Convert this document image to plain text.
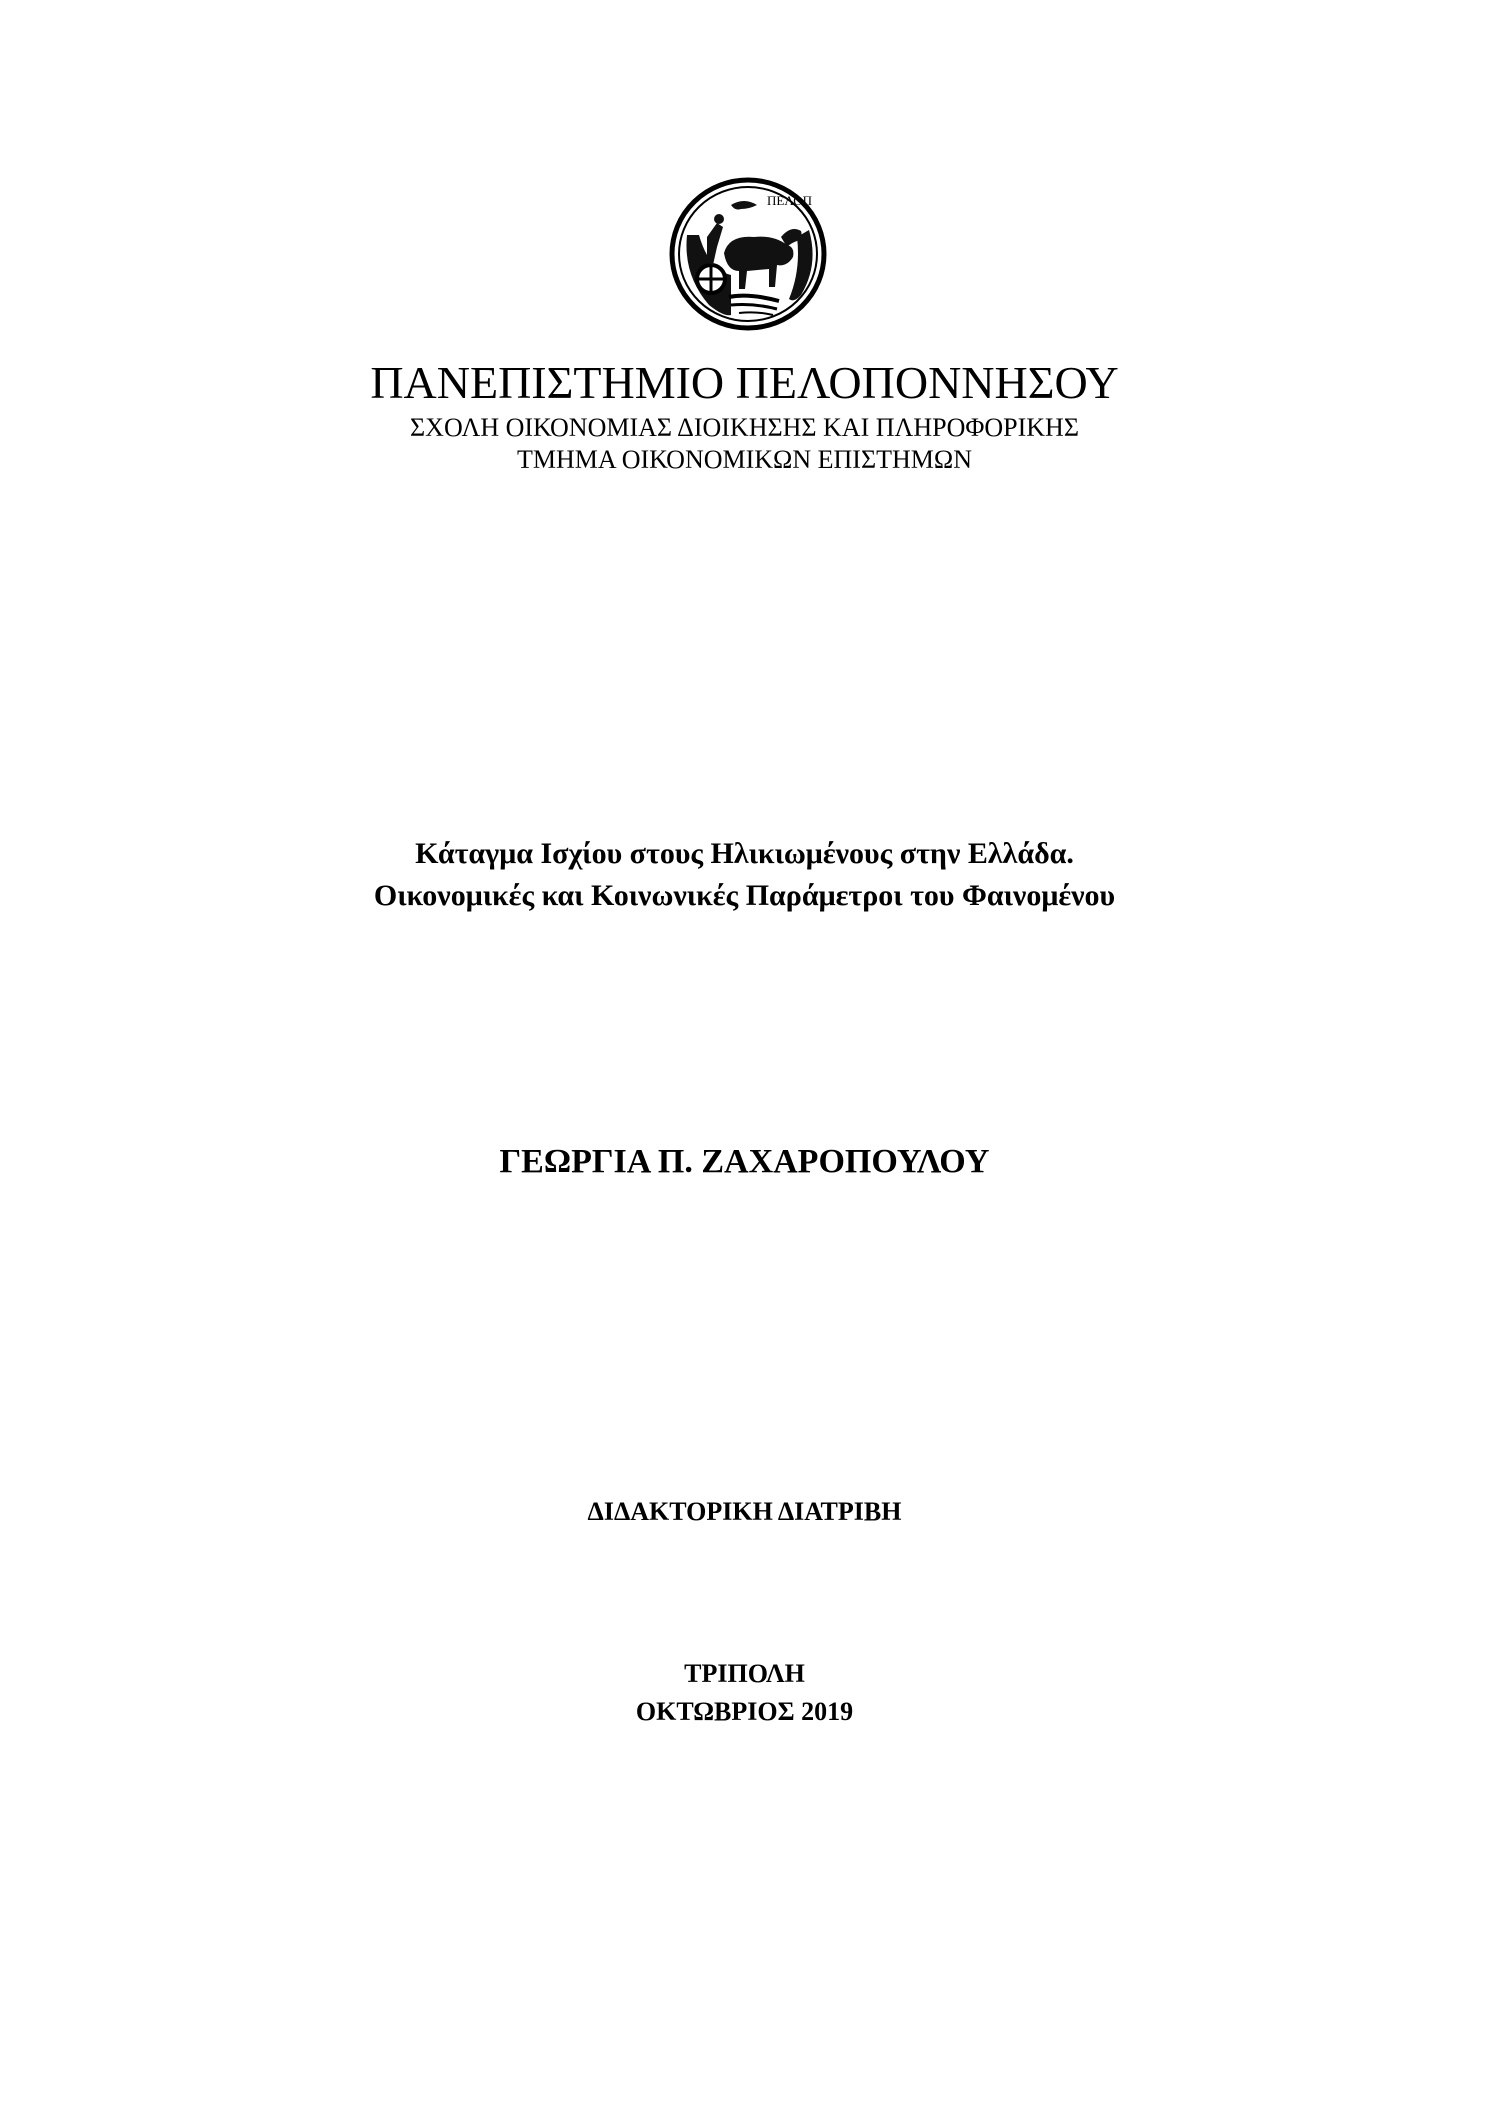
ΠΕΛΟΠ
ΠΑΝΕΠΙΣΤΗΜΙΟ ΠΕΛΟΠΟΝΝΗΣΟΥ
ΣΧΟΛΗ ΟΙΚΟΝΟΜΙΑΣ ΔΙΟΙΚΗΣΗΣ ΚΑΙ ΠΛΗΡΟΦΟΡΙΚΗΣ
ΤΜΗΜΑ ΟΙΚΟΝΟΜΙΚΩΝ ΕΠΙΣΤΗΜΩΝ
Κάταγμα Ισχίου στους Ηλικιωμένους στην Ελλάδα.
Οικονομικές και Κοινωνικές Παράμετροι του Φαινομένου
ΓΕΩΡΓΙΑ Π. ΖΑΧΑΡΟΠΟΥΛΟΥ
ΔΙΔΑΚΤΟΡΙΚΗ ΔΙΑΤΡΙΒΗ
ΤΡΙΠΟΛΗ
ΟΚΤΩΒΡΙΟΣ 2019
